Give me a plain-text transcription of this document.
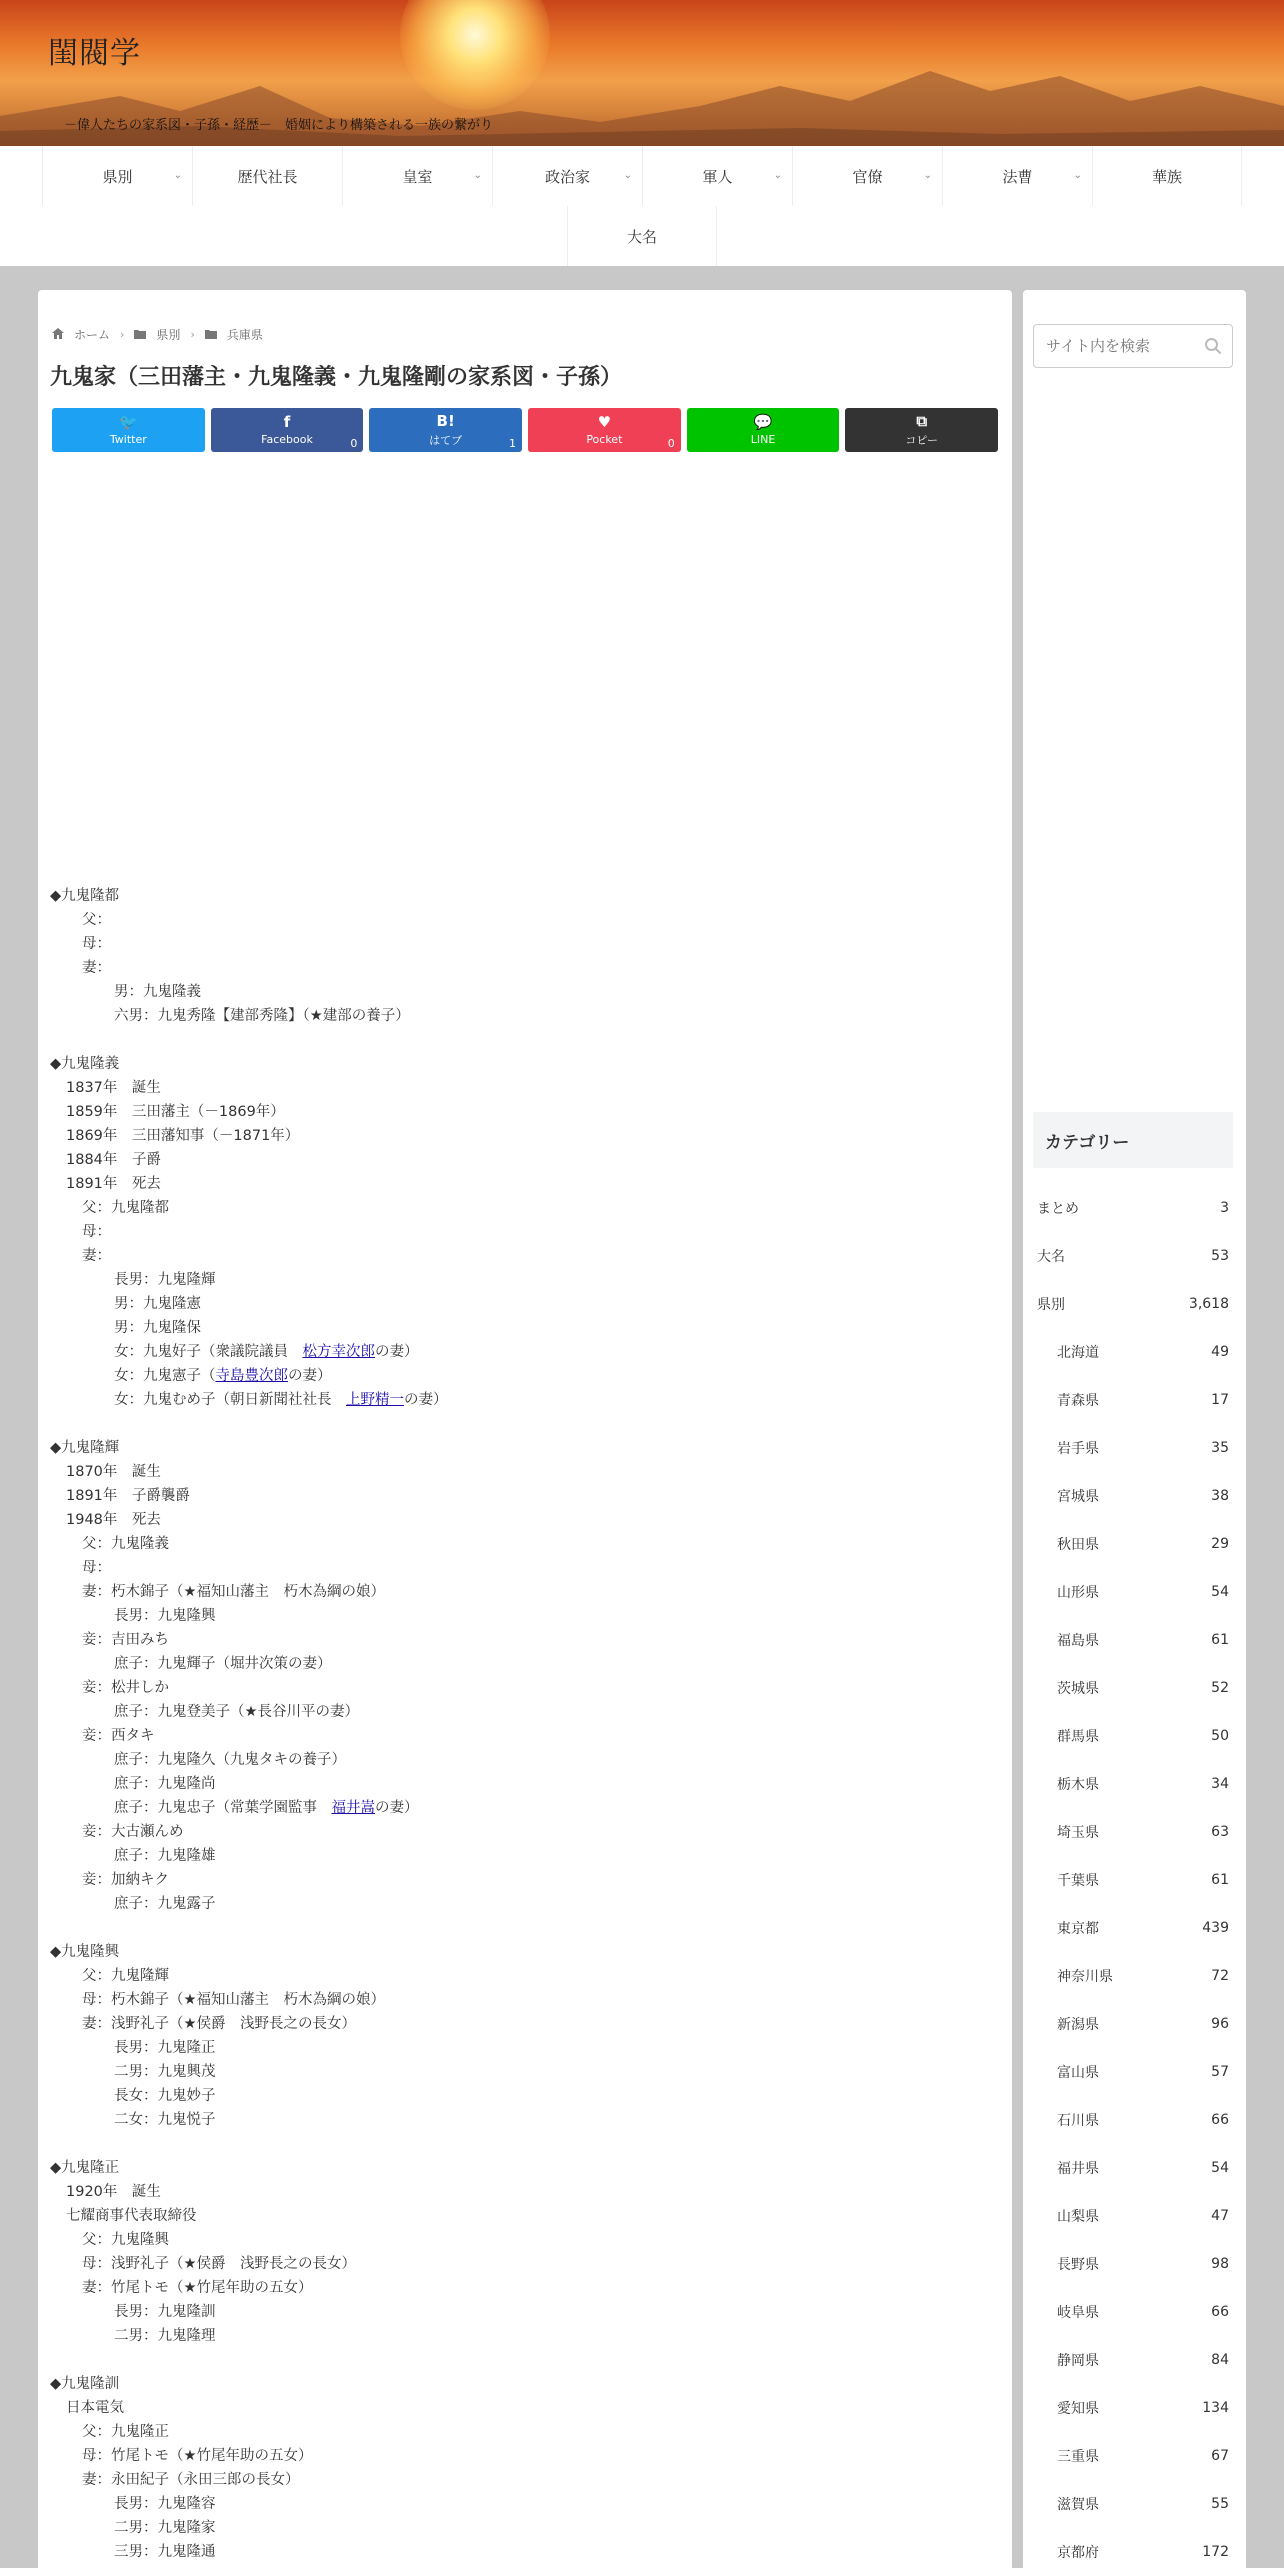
閨閥学
－偉人たちの家系図・子孫・経歴－　婚姻により構築される一族の繋がり
県別	⌄	歴代社長	皇室	⌄	政治家	⌄	軍人	⌄	官僚	⌄	法曹	⌄	華族
大名
ホーム ›	県別 ›	兵庫県
九鬼家（三田藩主・九鬼隆義・九鬼隆剛の家系図・子孫）
🐦
Twitter
f
Facebook	0
B!
はてブ	1
♥
Pocket	0
💬
LINE
⧉
コピー
◆九鬼隆都
父：
母：
妻：
男：九鬼隆義
六男：九鬼秀隆【建部秀隆】（★建部の養子）
◆九鬼隆義
1837年　誕生
1859年　三田藩主（－1869年）
1869年　三田藩知事（－1871年）
1884年　子爵
1891年　死去
父：九鬼隆都
母：
妻：
長男：九鬼隆輝
男：九鬼隆憲
男：九鬼隆保
女：九鬼好子（衆議院議員　松方幸次郎の妻）
女：九鬼憲子（寺島豊次郎の妻）
女：九鬼むめ子（朝日新聞社社長　上野精一の妻）
◆九鬼隆輝
1870年　誕生
1891年　子爵襲爵
1948年　死去
父：九鬼隆義
母：
妻：朽木錦子（★福知山藩主　朽木為綱の娘）
長男：九鬼隆興
妾：吉田みち
庶子：九鬼輝子（堀井次策の妻）
妾：松井しか
庶子：九鬼登美子（★長谷川平の妻）
妾：西タキ
庶子：九鬼隆久（九鬼タキの養子）
庶子：九鬼隆尚
庶子：九鬼忠子（常葉学園監事　福井嵩の妻）
妾：大古瀬んめ
庶子：九鬼隆雄
妾：加納キク
庶子：九鬼露子
◆九鬼隆興
父：九鬼隆輝
母：朽木錦子（★福知山藩主　朽木為綱の娘）
妻：浅野礼子（★侯爵　浅野長之の長女）
長男：九鬼隆正
二男：九鬼興茂
長女：九鬼妙子
二女：九鬼悦子
◆九鬼隆正
1920年　誕生
七耀商事代表取締役
父：九鬼隆興
母：浅野礼子（★侯爵　浅野長之の長女）
妻：竹尾トモ（★竹尾年助の五女）
長男：九鬼隆訓
二男：九鬼隆理
◆九鬼隆訓
日本電気
父：九鬼隆正
母：竹尾トモ（★竹尾年助の五女）
妻：永田紀子（永田三郎の長女）
長男：九鬼隆容
二男：九鬼隆家
三男：九鬼隆通
サイト内を検索
カテゴリー
まとめ	3
大名	53
県別	3,618
北海道	49
青森県	17
岩手県	35
宮城県	38
秋田県	29
山形県	54
福島県	61
茨城県	52
群馬県	50
栃木県	34
埼玉県	63
千葉県	61
東京都	439
神奈川県	72
新潟県	96
富山県	57
石川県	66
福井県	54
山梨県	47
長野県	98
岐阜県	66
静岡県	84
愛知県	134
三重県	67
滋賀県	55
京都府	172
